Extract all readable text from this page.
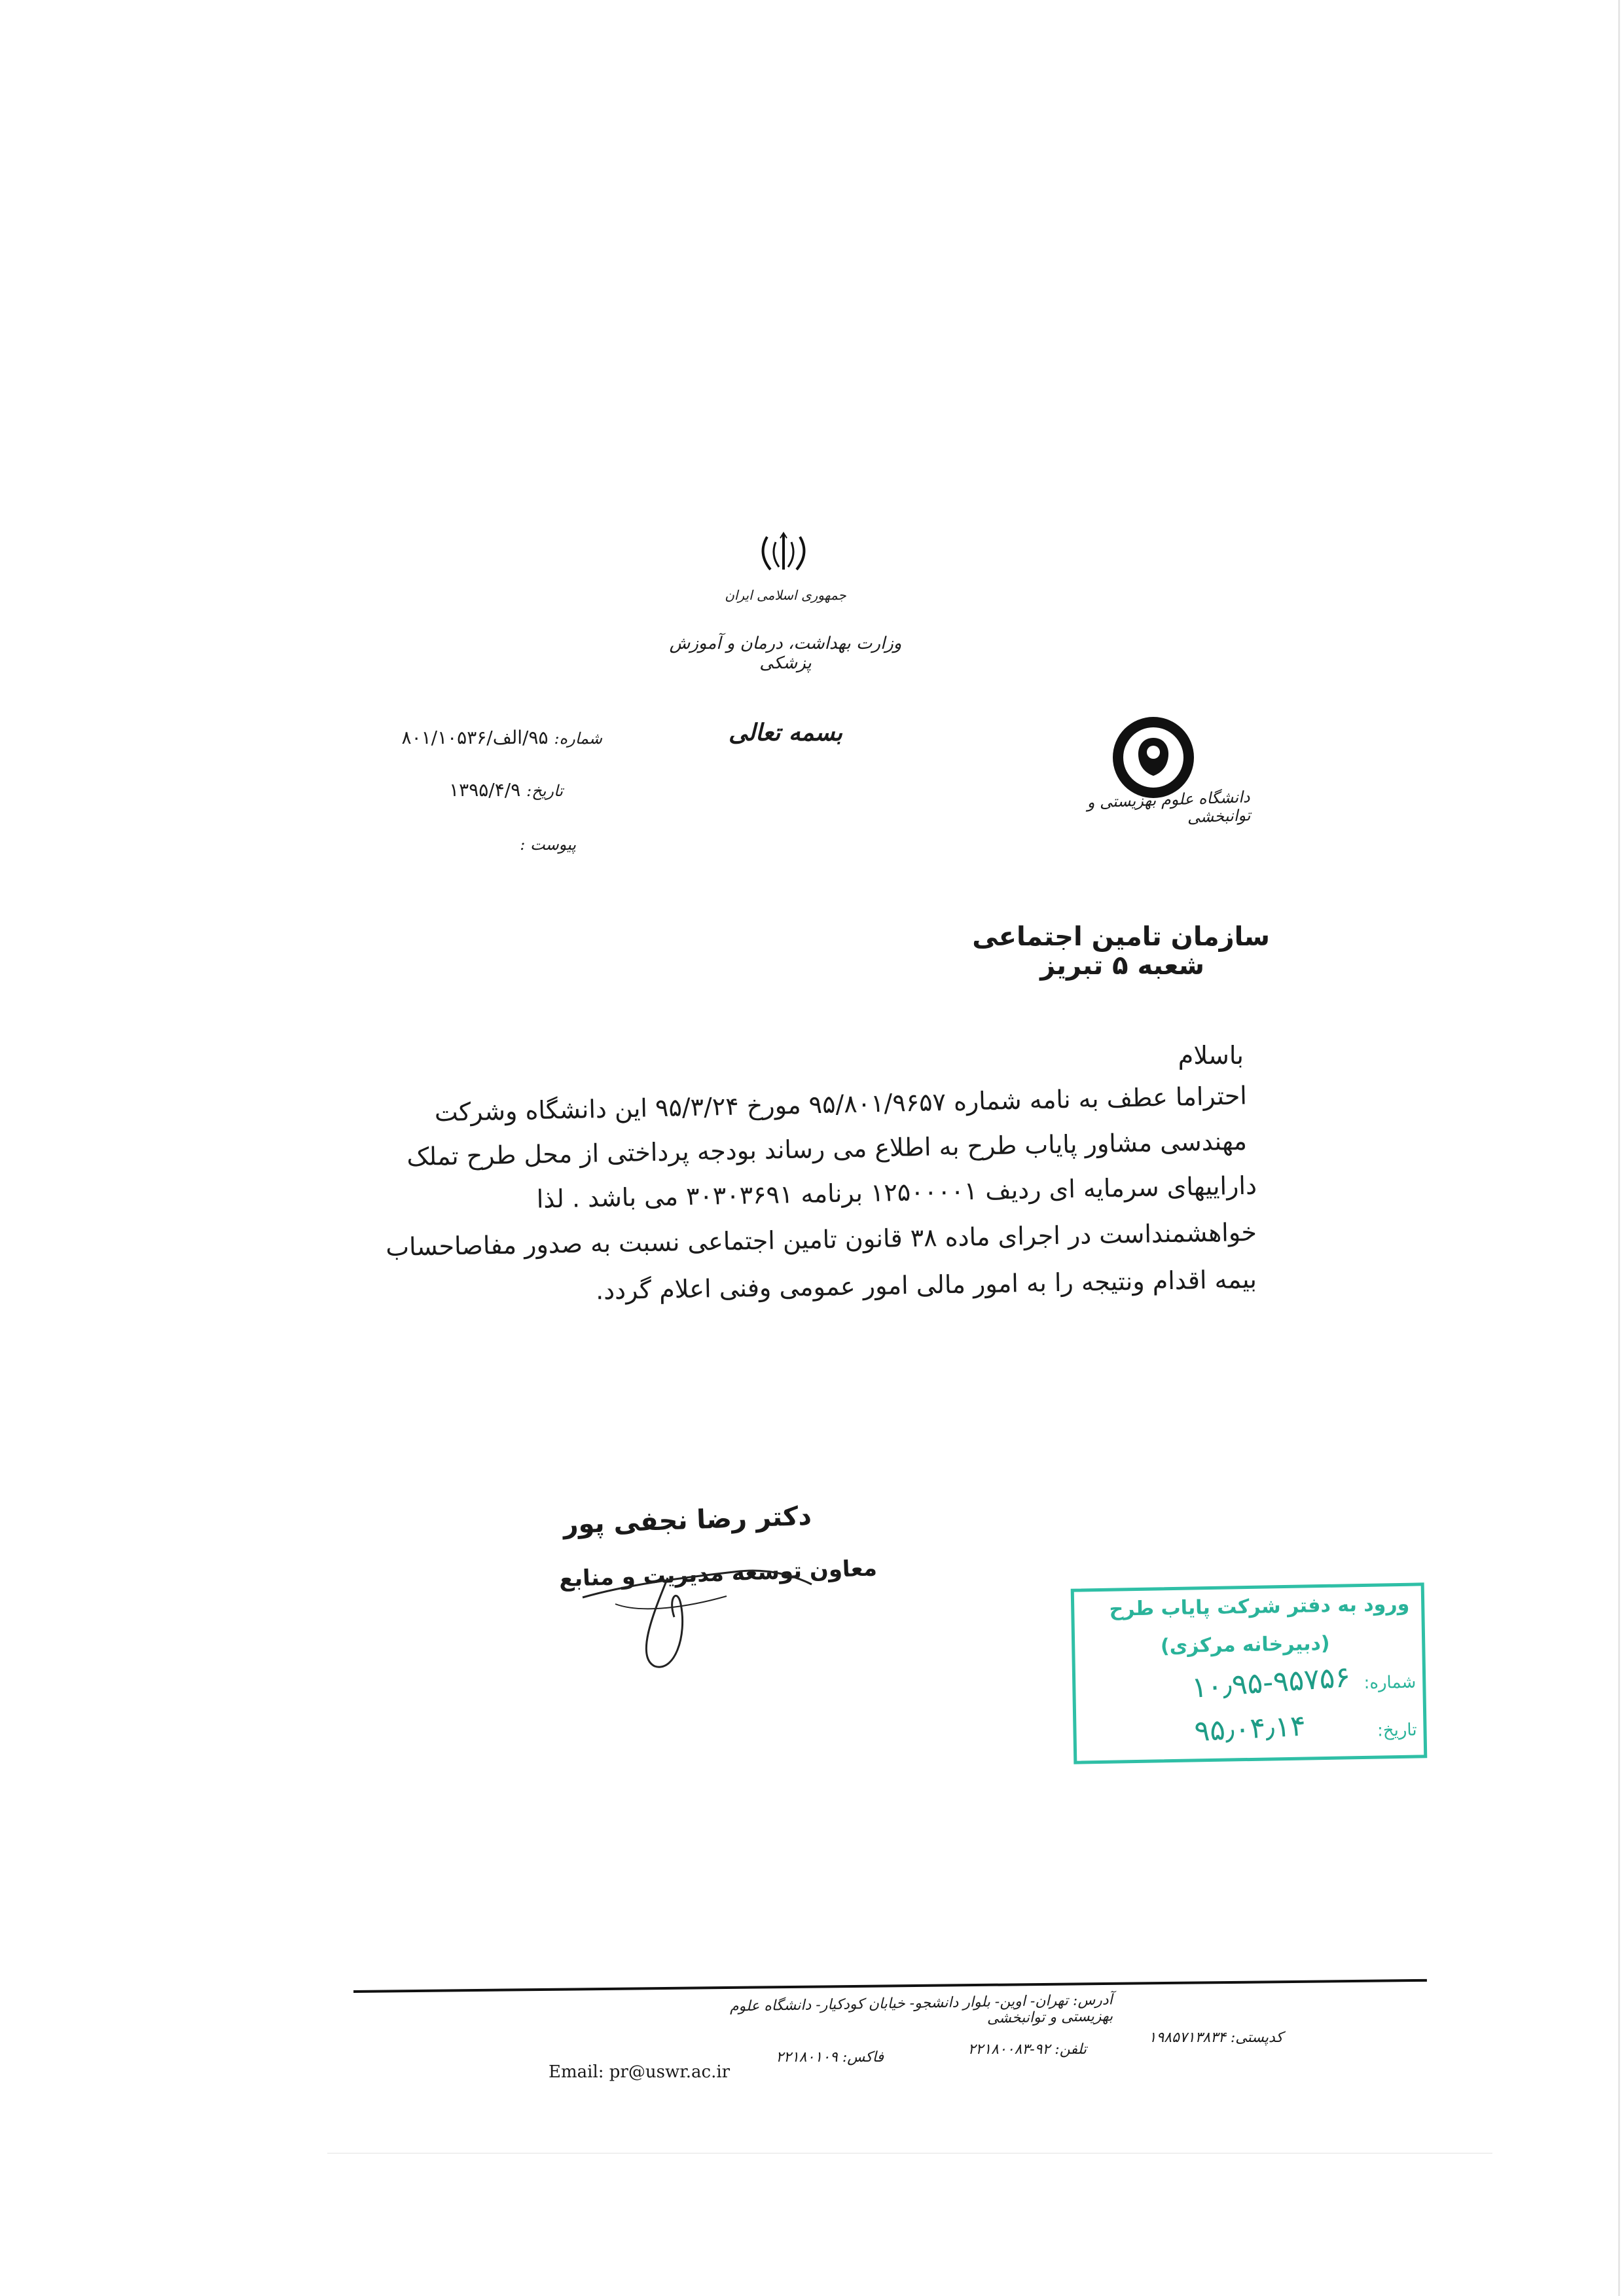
جمهوری اسلامی ایران
وزارت بهداشت، درمان و آموزش پزشکی
بسمه تعالی
دانشگاه علوم بهزیستی و توانبخشی
شماره: ۹۵/الف/۸۰۱/۱۰۵۳۶
تاریخ: ۱۳۹۵/۴/۹
پیوست :
سازمان تامین اجتماعی
شعبه ۵ تبریز
باسلام
احتراما عطف به نامه شماره ۹۵/۸۰۱/۹۶۵۷ مورخ ۹۵/۳/۲۴ این دانشگاه وشرکت
مهندسی مشاور پایاب طرح به اطلاع می رساند بودجه پرداختی از محل طرح تملک
داراییهای سرمایه ای ردیف ۱۲۵۰۰۰۰۱ برنامه ۳۰۳۰۳۶۹۱ می باشد . لذا
خواهشمنداست در اجرای ماده ۳۸ قانون تامین اجتماعی نسبت به صدور مفاصاحساب
بیمه اقدام ونتیجه را به امور مالی امور عمومی وفنی اعلام گردد.
دکتر رضا نجفی پور
معاون توسعه مدیریت و منابع
ورود به دفتر شرکت پایاب طرح
(دبیرخانه مرکزی)
شماره:
۱۰٫۹۵-۹۵۷۵۶
تاریخ:
۹۵٫۰۴٫۱۴
آدرس: تهران- اوین- بلوار دانشجو- خیابان کودکیار- دانشگاه علوم بهزیستی و توانبخشی
کدپستی: ۱۹۸۵۷۱۳۸۳۴
تلفن: ۹۲-۲۲۱۸۰۰۸۳
فاکس: ۲۲۱۸۰۱۰۹
Email: pr@uswr.ac.ir
